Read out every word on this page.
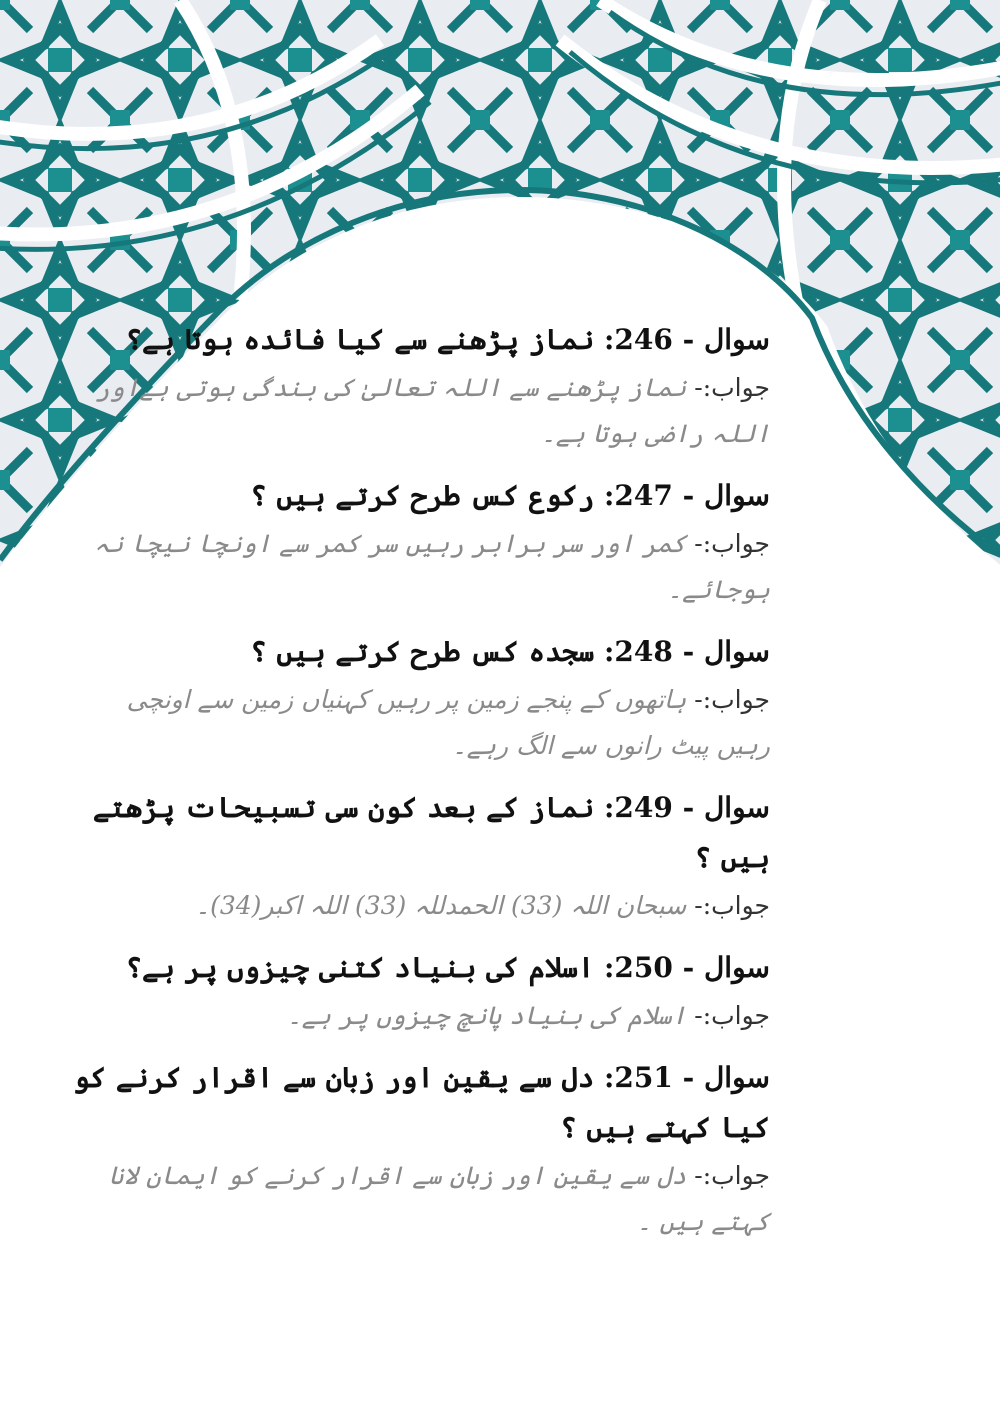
سوال - 246: نماز پڑھنے سے کیا فائدہ ہوتا ہے؟

جواب:- نماز پڑھنے سے اللہ تعالیٰ کی بندگی ہوتی ہےاور اللہ راضی ہوتا ہے۔

سوال - 247: رکوع کس طرح کرتے ہیں ؟

جواب:- کمر اور سر برابر رہیں سر کمر سے اونچا نیچا نہ ہوجائے۔

سوال - 248: سجدہ کس طرح کرتے ہیں ؟

جواب:- ہاتھوں کے پنجے زمین پر رہیں کہنیاں زمین سے اونچی رہیں پیٹ رانوں سے الگ رہے۔

سوال - 249: نماز کے بعد کون سی تسبیحات پڑھتے ہیں ؟

جواب:- سبحان اللہ (33) الحمدللہ (33) اللہ اکبر(34)۔

سوال - 250: اسلام کی بنیاد کتنی چیزوں پر ہے؟

جواب:- اسلام کی بنیاد پانچ چیزوں پر ہے۔

سوال - 251: دل سے یقین اور زبان سے اقرار کرنے کو کیا کہتے ہیں ؟

جواب:- دل سے یقین اور زبان سے اقرار کرنے کو ایمان لانا کہتے ہیں ۔
